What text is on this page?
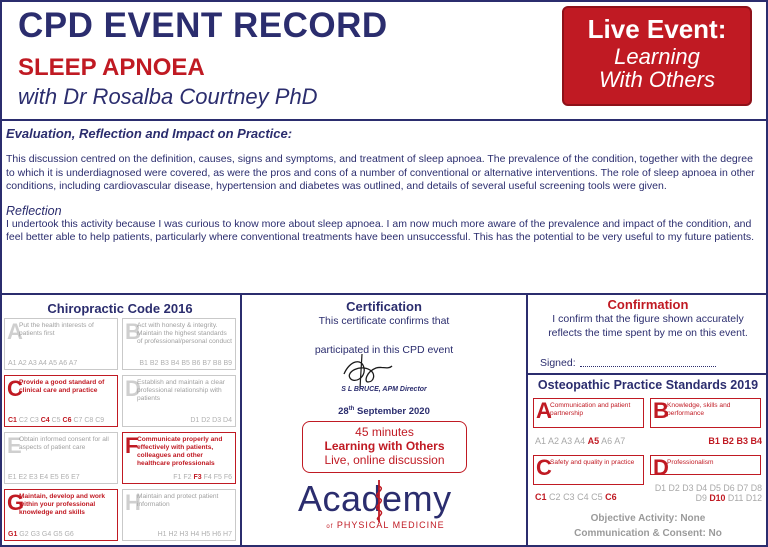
CPD EVENT RECORD
SLEEP APNOEA
with Dr Rosalba Courtney PhD
Live Event:
Learning
With Others
Evaluation, Reflection and Impact on Practice:
This discussion centred on the definition, causes, signs and symptoms, and treatment of sleep apnoea. The prevalence of the condition, together with the degree to which it is underdiagnosed were covered, as were the pros and cons of a number of conventional or alternative interventions. The role of sleep apnoea in other conditions, including cardiovascular disease, hypertension and diabetes was outlined, and details of several useful screening tools were given.
Reflection
I undertook this activity because I was curious to know more about sleep apnoea. I am now much more aware of the prevalence and impact of the condition, and feel better able to help patients, particularly where conventional treatments have been unsuccessful. This has the potential to be very useful to my future patients.
Chiropractic Code 2016
A
Put the health interests of patients first
A1 A2 A3 A4 A5 A6 A7
B
Act with honesty & integrity. Maintain the highest standards of professional/personal conduct
B1 B2 B3 B4 B5 B6 B7 B8 B9
C
Provide a good standard of clinical care and practice
C1 C2 C3 C4 C5 C6 C7 C8 C9
D
Establish and maintain a clear professional relationship with patients
D1 D2 D3 D4
E
Obtain informed consent for all aspects of patient care
E1 E2 E3 E4 E5 E6 E7
F
Communicate properly and effectively with patients, colleagues and other healthcare professionals
F1 F2 F3 F4 F5 F6
G
Maintain, develop and work within your professional knowledge and skills
G1 G2 G3 G4 G5 G6
H
Maintain and protect patient information
H1 H2 H3 H4 H5 H6 H7
Certification
This certificate confirms that
participated in this CPD event
S L BRUCE, APM Director
28th September 2020
45 minutes
Learning with Others
Live, online discussion
Academy
of PHYSICAL MEDICINE
Confirmation
I confirm that the figure shown accurately reflects the time spent by me on this event.
Signed:
Osteopathic Practice Standards 2019
A
Communication and patient partnership
A1 A2 A3 A4 A5 A6 A7
B
Knowledge, skills and performance
B1 B2 B3 B4
C
Safety and quality in practice
C1 C2 C3 C4 C5 C6
D
Professionalism
D1 D2 D3 D4 D5 D6 D7 D8 D9 D10 D11 D12
Objective Activity: None
Communication & Consent: No
